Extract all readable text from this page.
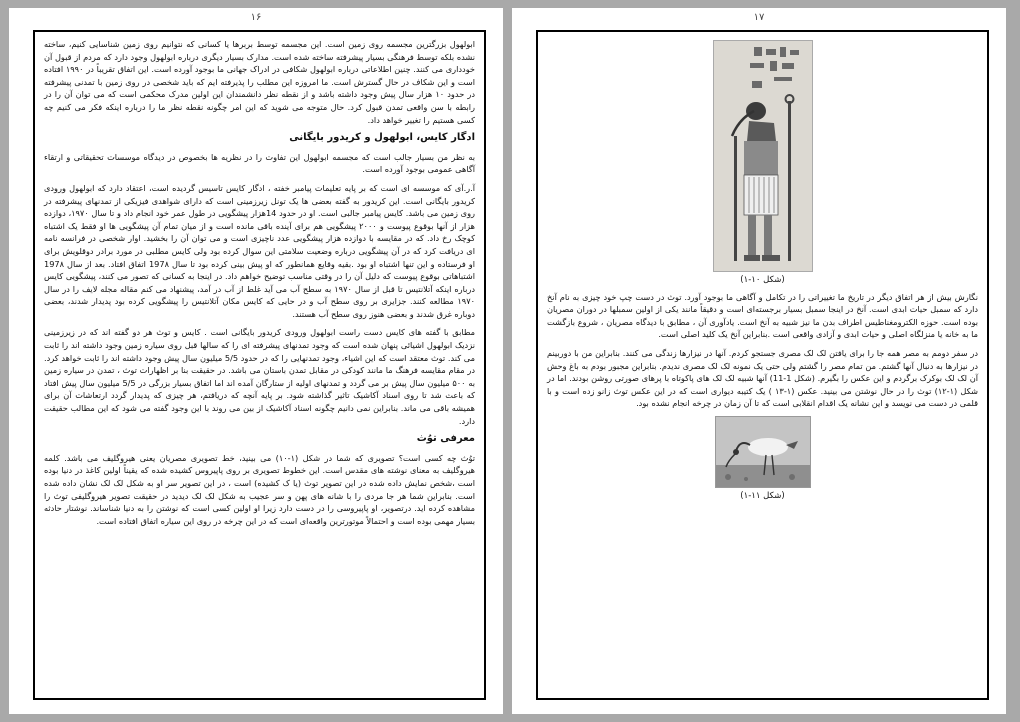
۱۶

ابولهول بزرگترین مجسمه روی زمین است. این مجسمه توسط بربرها یا کسانی که نتوانیم روی زمین شناسایی کنیم، ساخته نشده بلکه توسط فرهنگی بسیار پیشرفته ساخته شده است. مدارک بسیار دیگری درباره ابولهول وجود دارد که مردم از قبول آن خودداری می کنند. چنین اطلاعاتی درباره ابولهول شکافی در ادراک جهانی ما بوجود آورده است. این اتفاق تقریباً در ۱۹۹۰ افتاده است و این شکاف در حال گسترش است. ما امروزه این مطلب را پذیرفته ایم که باید شخصی در روی زمین با تمدنی پیشرفته در حدود ۱۰ هزار سال پیش وجود داشته باشد و از نقطه نظر دانشمندان این اولین مدرک محکمی است که می توان آن را در رابطه با سن واقعی تمدن قبول کرد. حال متوجه می شوید که این امر چگونه نقطه نظر ما را درباره اینکه فکر می کنیم چه کسی هستیم را تغییر خواهد داد.

ادگار کایس، ابولهول و کریدور بایگانی

به نظر من بسیار جالب است که مجسمه ابولهول این تفاوت را در نظریه ها بخصوص در دیدگاه موسسات تحقیقاتی و ارتقاء آگاهی عمومی بوجود آورده است.

آ.ر.آی که موسسه ای است که بر پایه تعلیمات پیامبر خفته ، ادگار کایس تاسیس گردیده است، اعتقاد دارد که ابولهول ورودی کریدور بایگانی است. این کریدور به گفته بعضی ها یک تونل زیرزمینی است که دارای شواهدی فیزیکی از تمدنهای پیشرفته در روی زمین می باشد. کایس پیامبر جالبی است. او در حدود 14هزار پیشگویی در طول عمر خود انجام داد و تا سال ۱۹۷۰، دوازده هزار از آنها بوقوع پیوست و ۲۰۰۰ پیشگویی هم برای آینده باقی مانده است و از میان تمام آن پیشگویی ها او فقط یک اشتباه کوچک رخ داد. که در مقایسه با دوازده هزار پیشگویی عدد ناچیزی است و می توان آن را بخشید. اوار شخصی در فرانسه نامه ای دریافت کرد که در آن پیشگویی درباره وضعیت سلامتی این سوال کرده بود ولی کایس مطلبی در مورد برادر دوقلویش برای او فرستاده و این تنها اشتباه او بود .بقیه وقایع همانطور که او پیش بینی کرده بود تا سال 197۸ اتفاق افتاد. بعد از سال 197۸ اشتباهاتی بوقوع پیوست که دلیل آن را در وقتی مناسب توضیح خواهم داد. در اینجا به کسانی که تصور می کنند، پیشگویی کایس درباره اینکه آتلانتیس تا قبل از سال ۱۹۷۰ به سطح آب می آید غلط از آب در آمد، پیشنهاد می کنم مقاله مجله لایف را در سال ۱۹۷۰ مطالعه کنند. جزایری بر روی سطح آب و در حایی که کایس مکان آتلانتیس را پیشگویی کرده بود پدیدار شدند، بعضی دوباره غرق شدند و بعضی هنوز روی سطح آب هستند.

مطابق با گفته های کایس دست راست ابولهول ورودی کریدور بایگانی است . کایس و توث هر دو گفته اند که در زیرزمینی نزدیک ابولهول اشیائی پنهان شده است که وجود تمدنهای پیشرفته ای را که سالها قبل روی سیاره زمین وجود داشته اند را ثابت می کند. توث معتقد است که این اشیاء، وجود تمدنهایی را که در حدود 5/5 میلیون سال پیش وجود داشته اند را ثابت خواهد کرد. در مقام مقایسه فرهنگ ما مانند کودکی در مقابل تمدن باستان می باشد. در حقیقت بنا بر اظهارات توث ، تمدن در سیاره زمین به ۵۰۰ میلیون سال پیش بر می گردد و تمدنهای اولیه از ستارگان آمده اند اما اتفاق بسیار بزرگی در 5/5 میلیون سال پیش افتاد که باعث شد تا روی اسناد آکاشیک تاثیر گذاشته شود. بر پایه آنچه که دریافتم، هر چیزی که پدیدار گردد ارتعاشات آن برای همیشه باقی می ماند. بنابراین نمی دانیم چگونه اسناد آکاشیک از بین می روند با این وجود گفته می شود که این مطالب حقیقت دارد.

معرفی توُث

توُث چه کسی است؟ تصویری که شما در شکل (۱-۱۰) می بینید، خط تصویری مصریان یعنی هیروگلیف می باشد. کلمه هیروگلیف به معنای نوشته های مقدس است. این خطوط تصویری بر روی پاپیروس کشیده شده که یقیناً اولین کاغذ در دنیا بوده است ،شخص نمایش داده شده در این تصویر توث (یا ک کشیده) است ، در این تصویر سر او به شکل لک لک نشان داده شده است. بنابراین شما هر جا مردی را با شانه های پهن و سر عجیب به شکل لک لک دیدید در حقیقت تصویر هیروگلیفی توث را مشاهده کرده اید. درتصویر، او پاپیروسی را در دست دارد زیرا او اولین کسی است که نوشتن را به دنیا شناساند. نوشتار حادثه بسیار مهمی بوده است و احتمالاً موتورترین واقعه‌ای است که در این چرخه در روی این سیاره اتفاق افتاده است.

۱۷
(شکل ۱۰-۱)

نگارش بیش از هر اتفاق دیگر در تاریخ ما تغییراتی را در تکامل و آگاهی ما بوجود آورد. توث در دست چپ خود چیزی به نام آنخ دارد که سمبل حیات ابدی است. آنخ در اینجا سمبل بسیار برجسته‌ای است و دقیقاً مانند یکی از اولین سمبلها در دوران مصریان بوده است. حوزه الکترومغناطیس اطراف بدن ما نیز شبیه به آنخ است. یادآوری آن ، مطابق با دیدگاه مصریان ، شروع بازگشت ما به خانه یا منزلگاه اصلی و حیات ابدی و آزادی واقعی است .بنابراین آنخ یک کلید اصلی است.

در سفر دومم به مصر همه جا را برای یافتن لک لک مصری جستجو کردم. آنها در نیزارها زندگی می کنند. بنابراین من با دوربینم در نیزارها به دنبال آنها گشتم. من تمام مصر را گشتم ولی حتی یک نمونه لک لک مصری ندیدم. بنابراین مجبور بودم به باغ وحش آن لک لک بوکرک برگردم و این عکس را بگیرم. (شکل 1-11) آنها شبیه لک لک های پاکوتاه با پرهای صورتی روشن بودند. اما در شکل (۱-۱۲) توث را در حال نوشتن می بینید. عکس (۱-۱۳ ) یک کتیبه دیواری است که در این عکس توث زانو زده است و با قلمی در دست می نویسد و این نشانه یک اقدام انقلابی است که تا آن زمان در چرخه انجام نشده بود.

(شکل ۱۱-۱)
